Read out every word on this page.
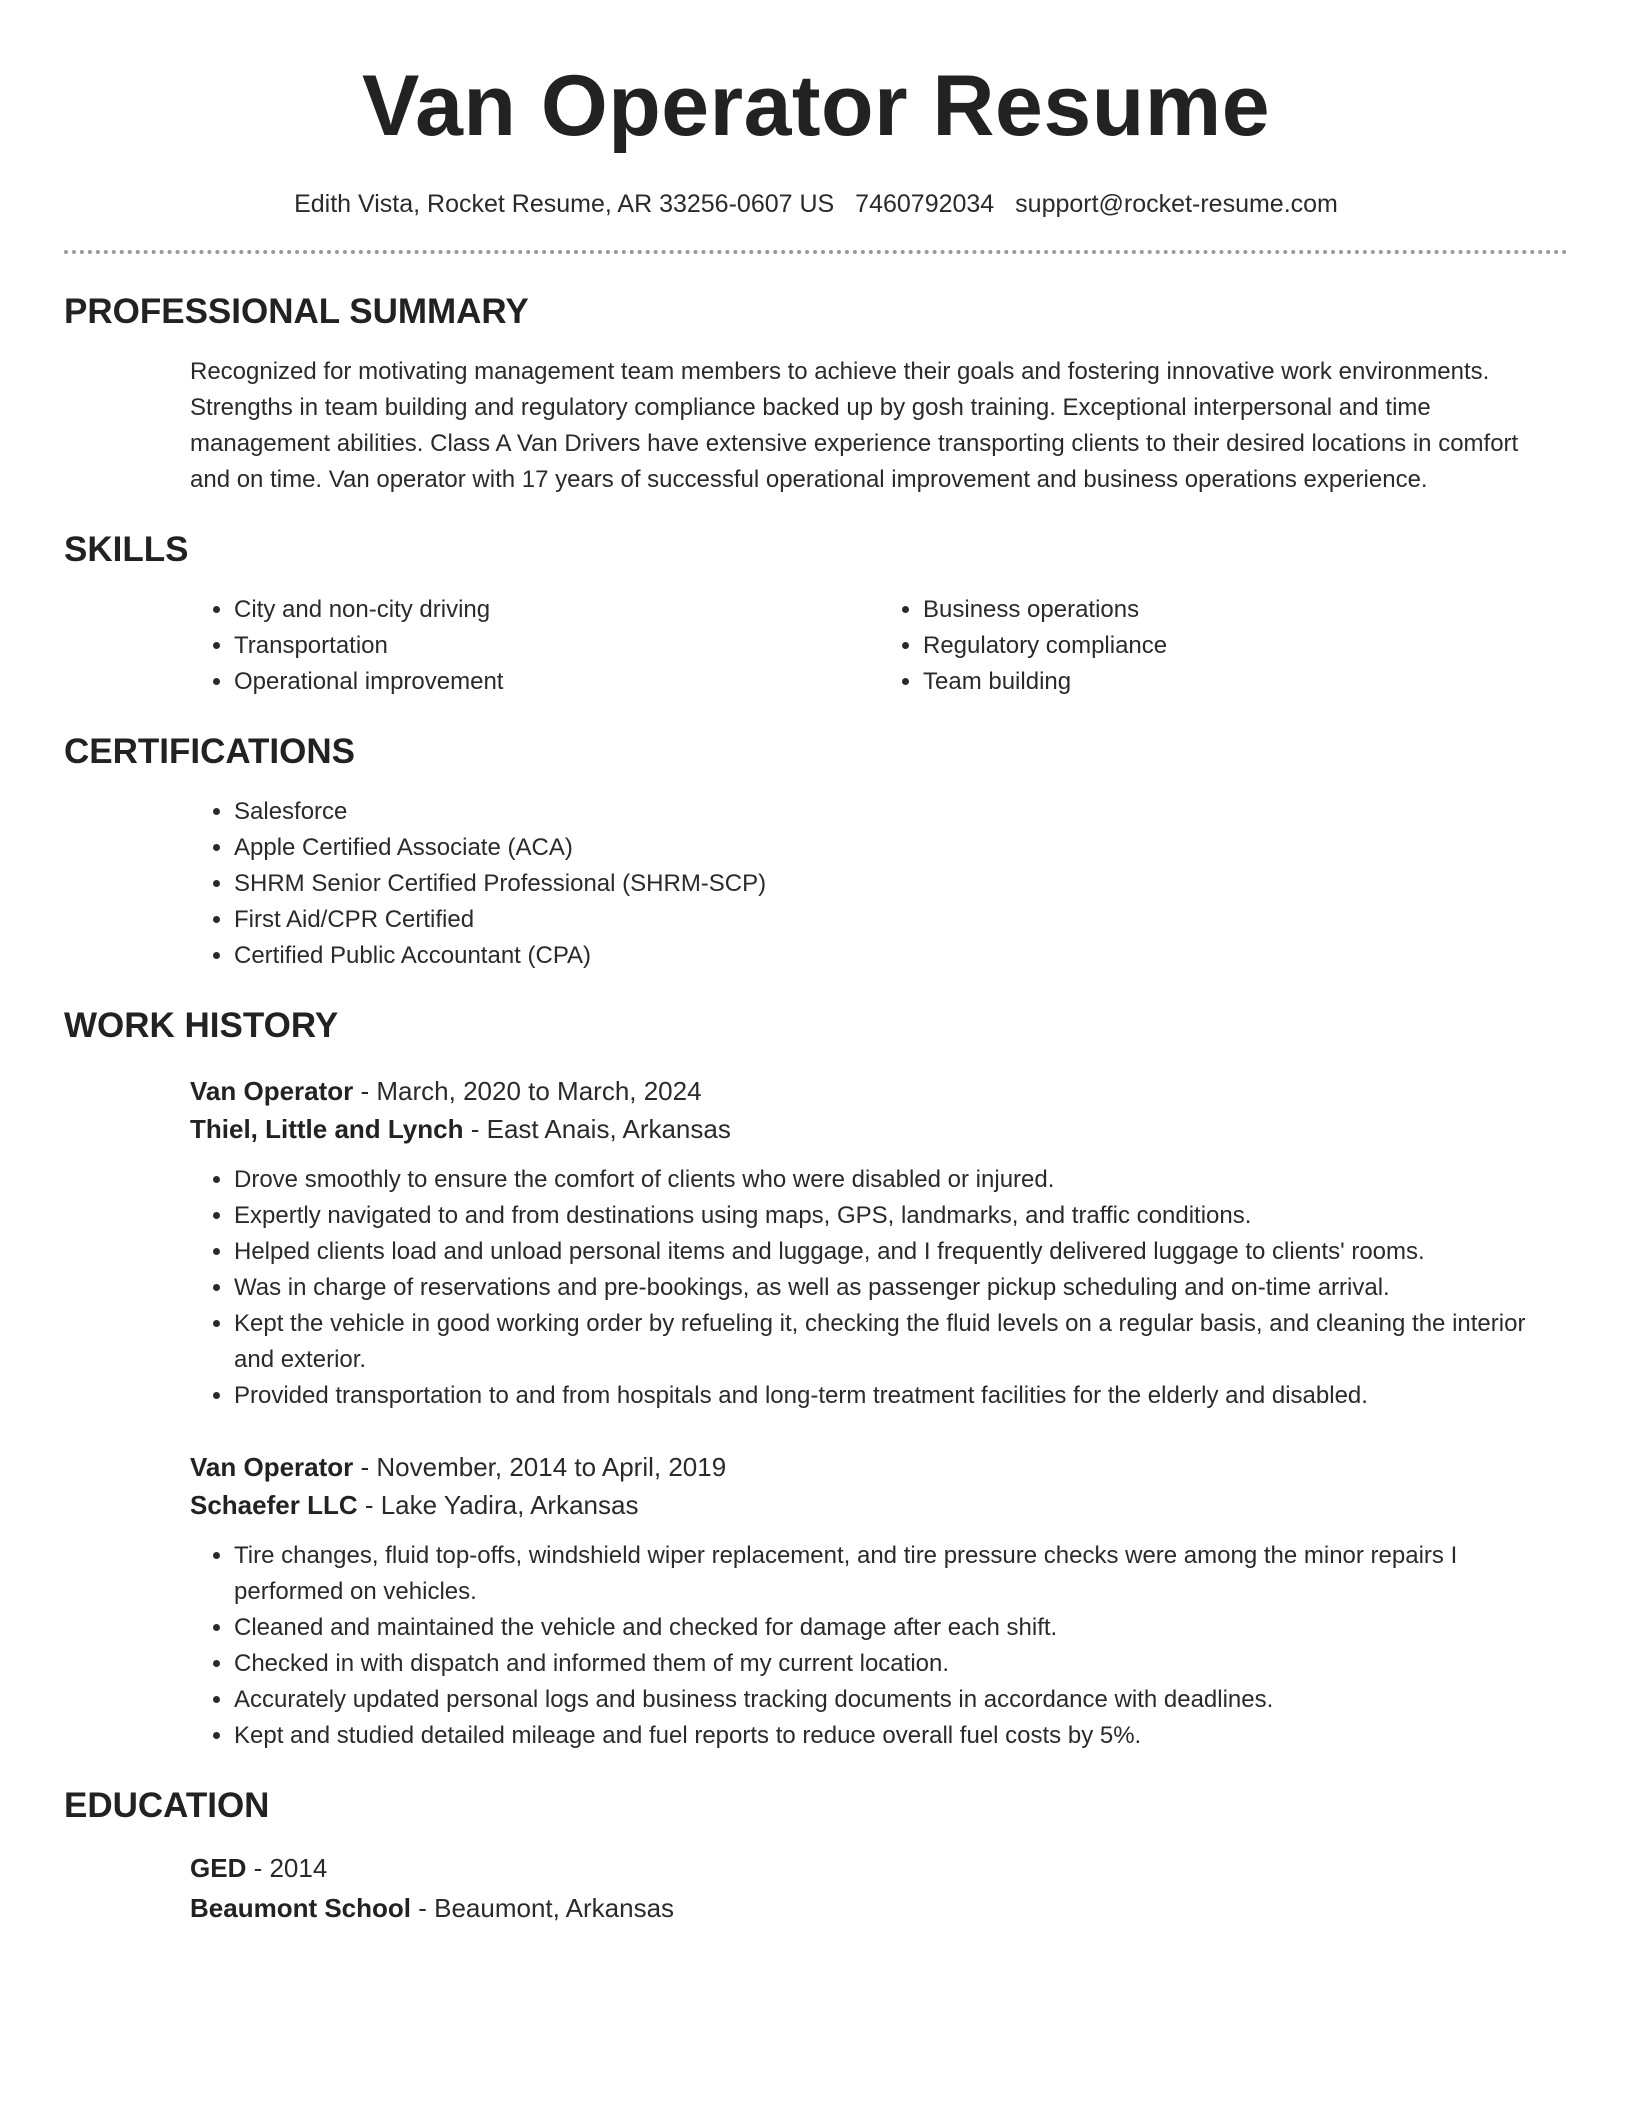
Van Operator Resume
Edith Vista, Rocket Resume, AR 33256-0607 US 7460792034 support@rocket-resume.com
PROFESSIONAL SUMMARY

Recognized for motivating management team members to achieve their goals and fostering innovative work environments. Strengths in team building and regulatory compliance backed up by gosh training. Exceptional interpersonal and time management abilities. Class A Van Drivers have extensive experience transporting clients to their desired locations in comfort and on time. Van operator with 17 years of successful operational improvement and business operations experience.

SKILLS
• City and non-city driving
• Transportation
• Operational improvement
• Business operations
• Regulatory compliance
• Team building
CERTIFICATIONS
• Salesforce
• Apple Certified Associate (ACA)
• SHRM Senior Certified Professional (SHRM-SCP)
• First Aid/CPR Certified
• Certified Public Accountant (CPA)
WORK HISTORY
Van Operator - March, 2020 to March, 2024
Thiel, Little and Lynch - East Anais, Arkansas
• Drove smoothly to ensure the comfort of clients who were disabled or injured.
• Expertly navigated to and from destinations using maps, GPS, landmarks, and traffic conditions.
• Helped clients load and unload personal items and luggage, and I frequently delivered luggage to clients' rooms.
• Was in charge of reservations and pre-bookings, as well as passenger pickup scheduling and on-time arrival.
• Kept the vehicle in good working order by refueling it, checking the fluid levels on a regular basis, and cleaning the interior and exterior.
• Provided transportation to and from hospitals and long-term treatment facilities for the elderly and disabled.
Van Operator - November, 2014 to April, 2019
Schaefer LLC - Lake Yadira, Arkansas
• Tire changes, fluid top-offs, windshield wiper replacement, and tire pressure checks were among the minor repairs I performed on vehicles.
• Cleaned and maintained the vehicle and checked for damage after each shift.
• Checked in with dispatch and informed them of my current location.
• Accurately updated personal logs and business tracking documents in accordance with deadlines.
• Kept and studied detailed mileage and fuel reports to reduce overall fuel costs by 5%.
EDUCATION
GED - 2014
Beaumont School - Beaumont, Arkansas
